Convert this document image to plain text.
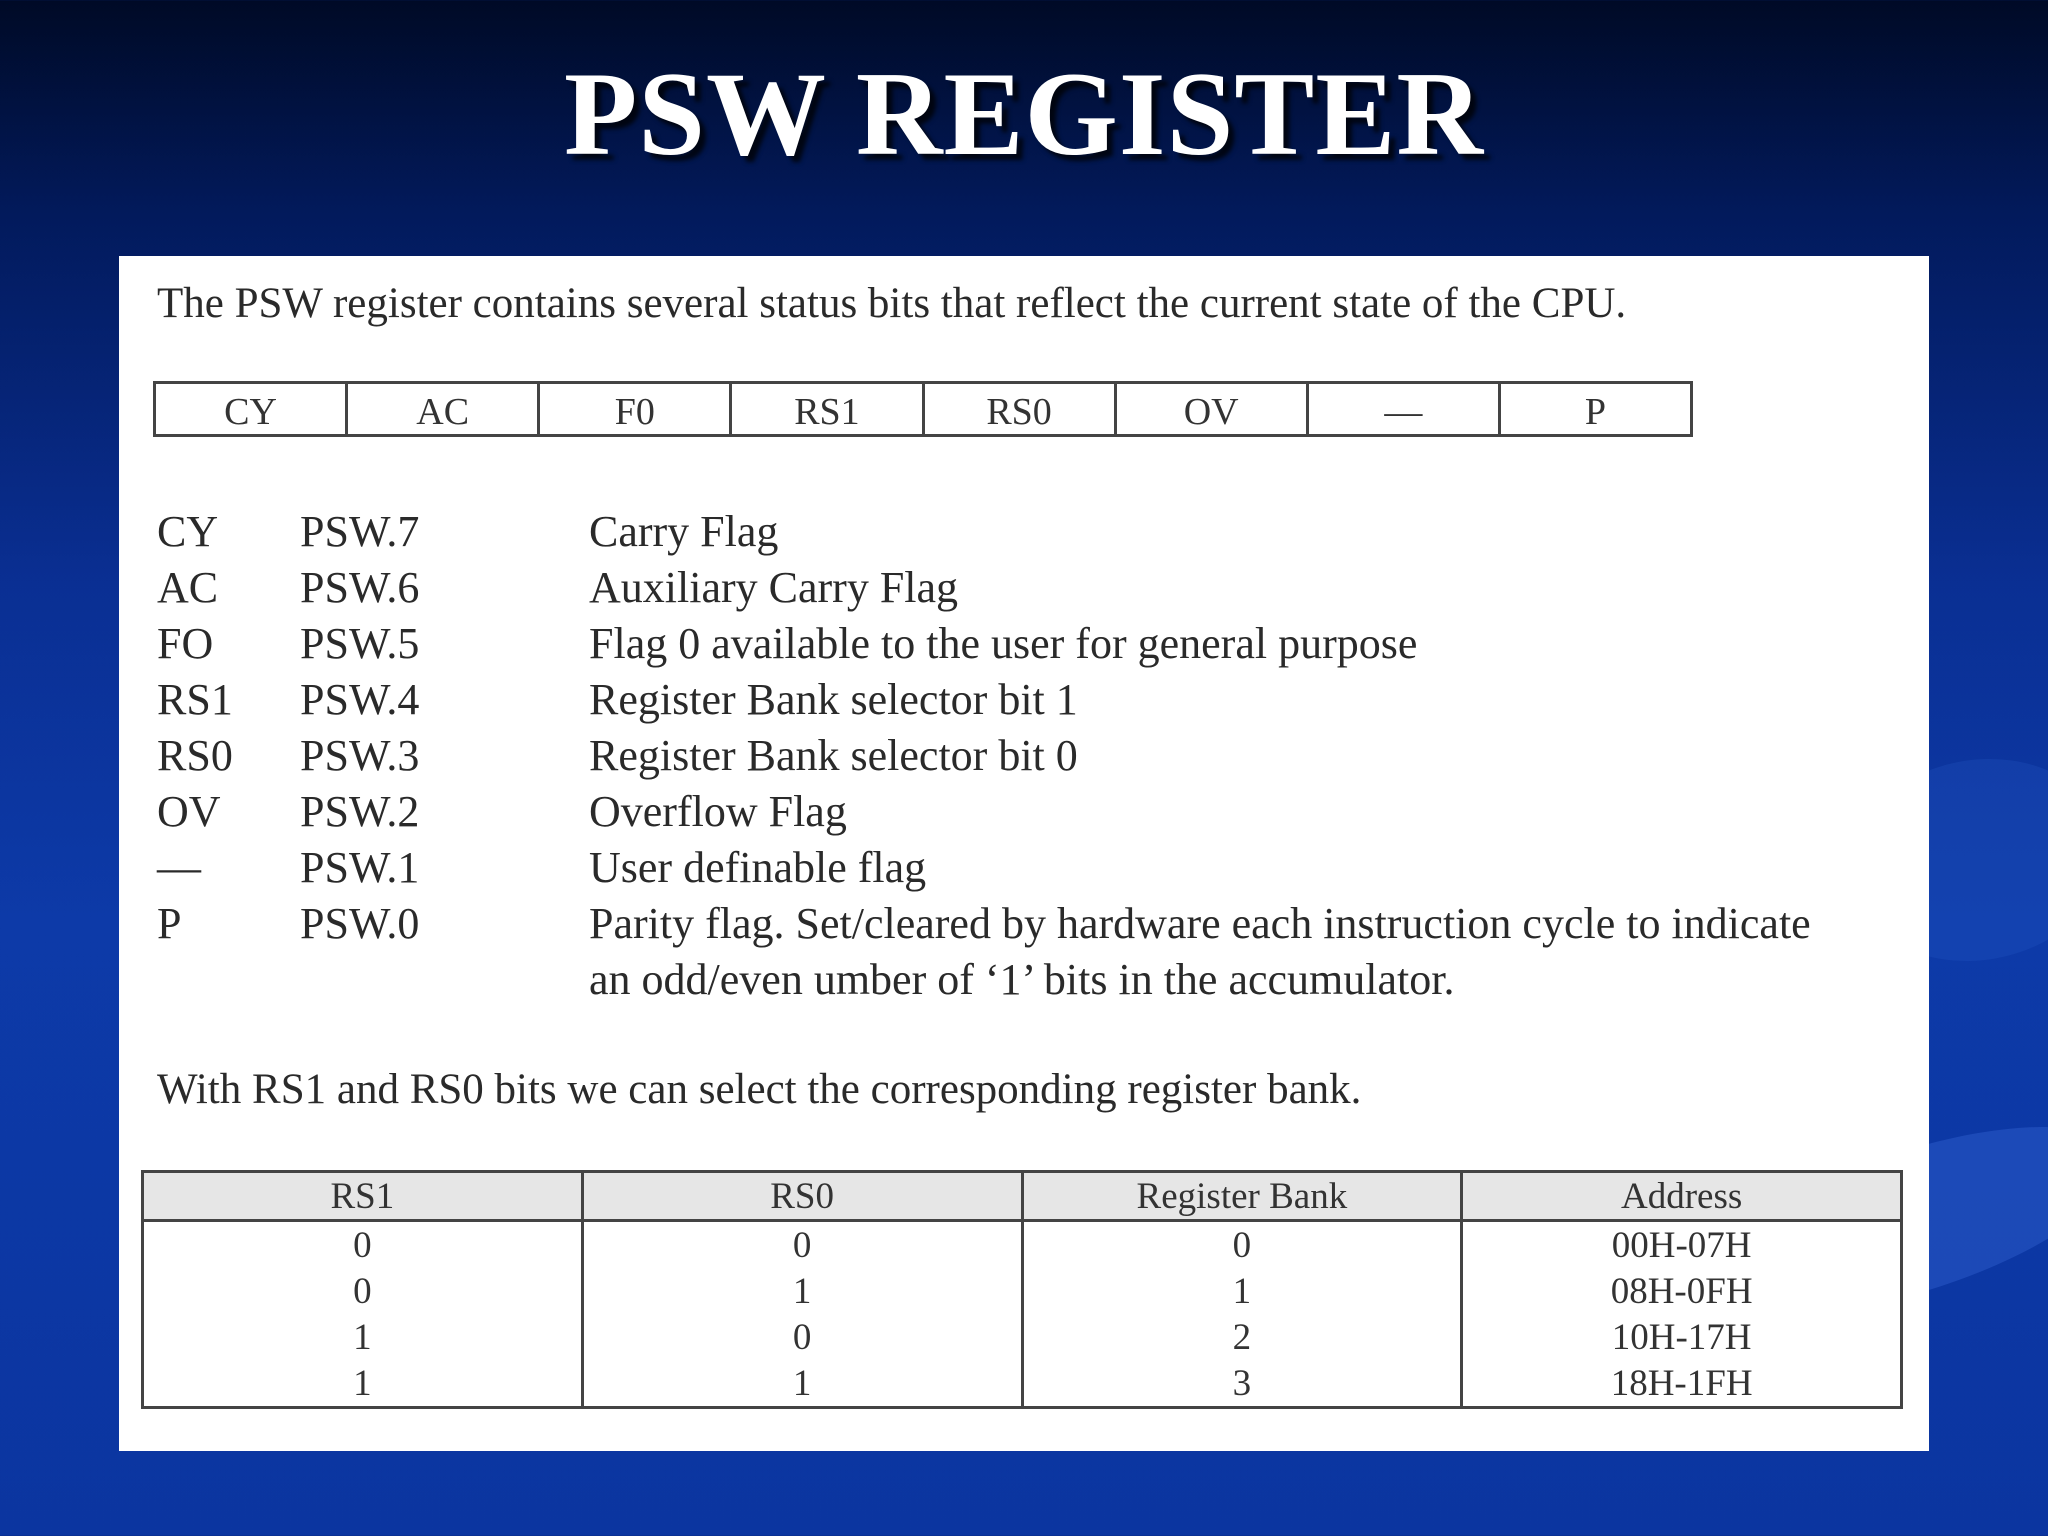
PSW REGISTER
The PSW register contains several status bits that reflect the current state of the CPU.
CY	AC	F0	RS1	RS0	OV	—	P
CY PSW.7	Carry Flag
AC PSW.6	Auxiliary Carry Flag
FO PSW.5	Flag 0 available to the user for general purpose
RS1 PSW.4	Register Bank selector bit 1
RS0 PSW.3	Register Bank selector bit 0
OV PSW.2	Overflow Flag
— PSW.1	User definable flag
P	PSW.0	Parity flag. Set/cleared by hardware each instruction cycle to indicate an odd/even umber of ‘1’ bits in the accumulator.
With RS1 and RS0 bits we can select the corresponding register bank.
RS1	RS0	Register Bank	Address
0	0	0	00H-07H
0	1	1	08H-0FH
1	0	2	10H-17H
1	1	3	18H-1FH
